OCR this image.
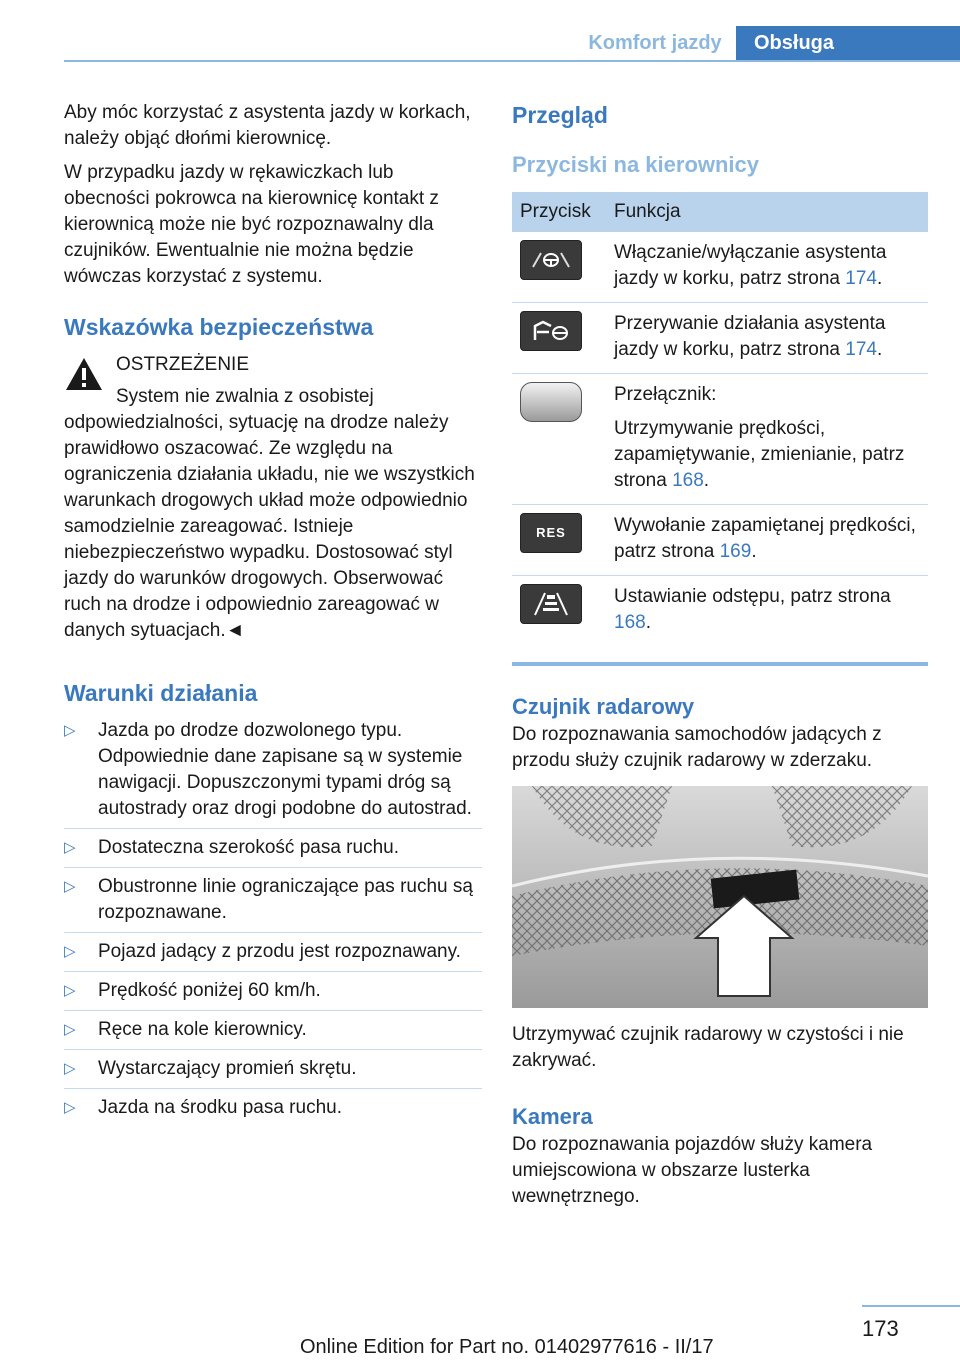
Komfort jazdy	Obsługa

Aby móc korzystać z asystenta jazdy w korkach, należy objąć dłońmi kierownicę.

W przypadku jazdy w rękawiczkach lub obecności pokrowca na kierownicę kontakt z kierownicą może nie być rozpoznawalny dla czujników. Ewentualnie nie można będzie wówczas korzystać z systemu.

Wskazówka bezpieczeństwa
OSTRZEŻENIE
System nie zwalnia z osobistej odpowiedzialności, sytuację na drodze należy prawidłowo oszacować. Ze względu na ograniczenia działania układu, nie we wszystkich warunkach drogowych układ może odpowiednio samodzielnie zareagować. Istnieje niebezpieczeństwo wypadku. Dostosować styl jazdy do warunków drogowych. Obserwować ruch na drodze i odpowiednio zareagować w danych sytuacjach.◄
Warunki działania
▷ Jazda po drodze dozwolonego typu. Odpowiednie dane zapisane są w systemie nawigacji. Dopuszczonymi typami dróg są autostrady oraz drogi podobne do autostrad.
▷ Dostateczna szerokość pasa ruchu.
▷ Obustronne linie ograniczające pas ruchu są rozpoznawane.
▷ Pojazd jadący z przodu jest rozpoznawany.
▷ Prędkość poniżej 60 km/h.
▷ Ręce na kole kierownicy.
▷ Wystarczający promień skrętu.
▷ Jazda na środku pasa ruchu.
Przegląd
Przyciski na kierownicy
Przycisk	Funkcja

	Włączanie/wyłączanie asystenta jazdy w korku, patrz strona 174.

	Przerywanie działania asystenta jazdy w korku, patrz strona 174.

	Przełącznik:
Utrzymywanie prędkości, zapamiętywanie, zmienianie, patrz strona 168.

RES	Wywołanie zapamiętanej prędkości, patrz strona 169.

	Ustawianie odstępu, patrz strona 168.
Czujnik radarowy

Do rozpoznawania samochodów jadących z przodu służy czujnik radarowy w zderzaku.

Utrzymywać czujnik radarowy w czystości i nie zakrywać.

Kamera

Do rozpoznawania pojazdów służy kamera umiejscowiona w obszarze lusterka wewnętrznego.

173
Online Edition for Part no. 01402977616 - II/17
